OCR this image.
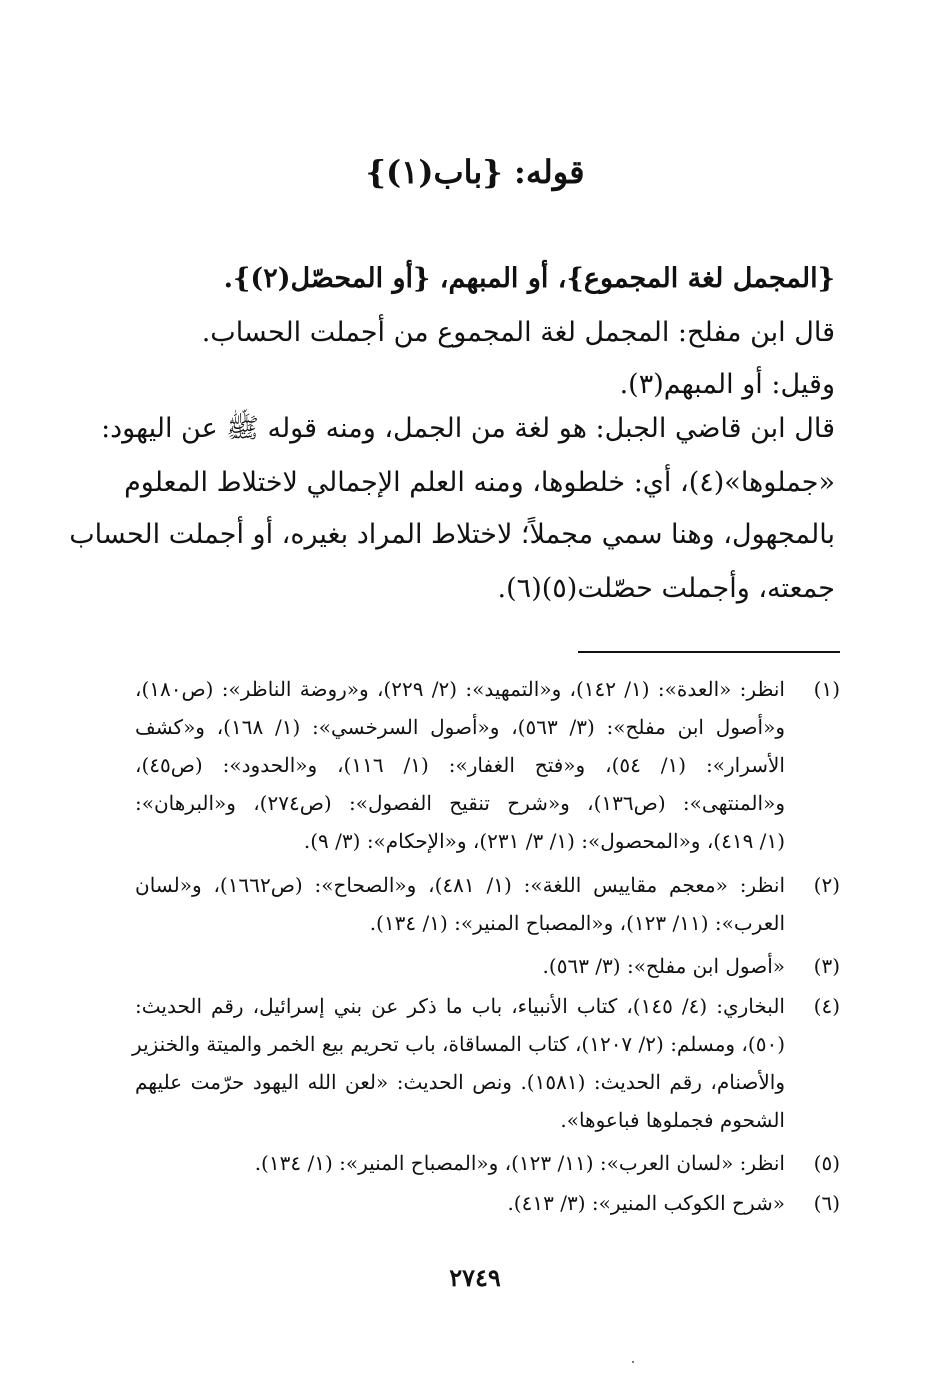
قوله: {باب(١)}
{المجمل لغة المجموع}، أو المبهم، {أو المحصّل(٢)}.
قال ابن مفلح: المجمل لغة المجموع من أجملت الحساب.
وقيل: أو المبهم(٣).
قال ابن قاضي الجبل: هو لغة من الجمل، ومنه قوله ﷺ عن اليهود:
«جملوها»(٤)، أي: خلطوها، ومنه العلم الإجمالي لاختلاط المعلوم
بالمجهول، وهنا سمي مجملاً؛ لاختلاط المراد بغيره، أو أجملت الحساب
جمعته، وأجملت حصّلت(٥)(٦).
(١)
انظر: «العدة»: (١/ ١٤٢)، و«التمهيد»: (٢/ ٢٢٩)، و«روضة الناظر»: (ص١٨٠)،
و«أصول ابن مفلح»: (٣/ ٥٦٣)، و«أصول السرخسي»: (١/ ١٦٨)، و«كشف
الأسرار»: (١/ ٥٤)، و«فتح الغفار»: (١/ ١١٦)، و«الحدود»: (ص٤٥)،
و«المنتهى»: (ص١٣٦)، و«شرح تنقيح الفصول»: (ص٢٧٤)، و«البرهان»:
(١/ ٤١٩)، و«المحصول»: (١/ ٣/ ٢٣١)، و«الإحكام»: (٣/ ٩).
(٢)
انظر: «معجم مقاييس اللغة»: (١/ ٤٨١)، و«الصحاح»: (ص١٦٦٢)، و«لسان
العرب»: (١١/ ١٢٣)، و«المصباح المنير»: (١/ ١٣٤).
(٣)
«أصول ابن مفلح»: (٣/ ٥٦٣).
(٤)
البخاري: (٤/ ١٤٥)، كتاب الأنبياء، باب ما ذكر عن بني إسرائيل، رقم الحديث:
(٥٠)، ومسلم: (٢/ ١٢٠٧)، كتاب المساقاة، باب تحريم بيع الخمر والميتة والخنزير
والأصنام، رقم الحديث: (١٥٨١). ونص الحديث: «لعن الله اليهود حرّمت عليهم
الشحوم فجملوها فباعوها».
(٥)
انظر: «لسان العرب»: (١١/ ١٢٣)، و«المصباح المنير»: (١/ ١٣٤).
(٦)
«شرح الكوكب المنير»: (٣/ ٤١٣).
٢٧٤٩
